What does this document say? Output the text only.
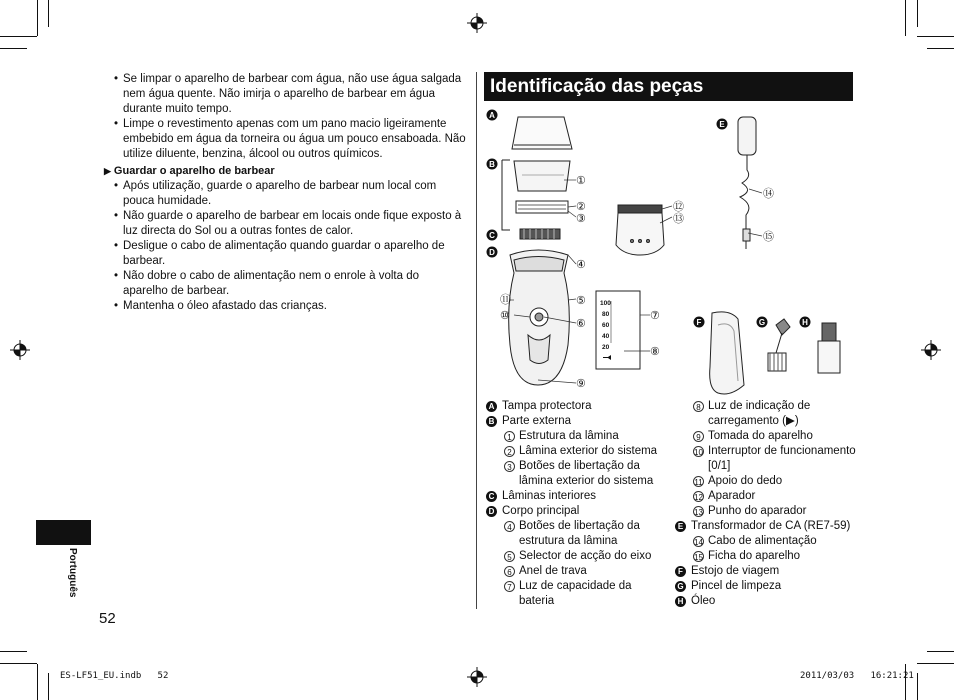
• Se limpar o aparelho de barbear com água, não use água salgada nem água quente. Não imirja o aparelho de barbear em água durante muito tempo.
• Limpe o revestimento apenas com um pano macio ligeiramente embebido em água da torneira ou água um pouco ensaboada. Não utilize diluente, benzina, álcool ou outros químicos.
▶ Guardar o aparelho de barbear
• Após utilização, guarde o aparelho de barbear num local com pouca humidade.
• Não guarde o aparelho de barbear em locais onde fique exposto à luz directa do Sol ou a outras fontes de calor.
• Desligue o cabo de alimentação quando guardar o aparelho de barbear.
• Não dobre o cabo de alimentação nem o enrole à volta do aparelho de barbear.
• Mantenha o óleo afastado das crianças.
Identificação das peças
A
B
C
D
E
F	G	H
①
②
③
④
⑤
⑥
⑦
⑧
⑨
⑩
⑪
⑫
⑬
⑭
⑮
100
80
60
40
20
A Tampa protectora
B Parte externa
1 Estrutura da lâmina
2 Lâmina exterior do sistema
3 Botões de libertação da
lâmina exterior do sistema
C Lâminas interiores
D Corpo principal
4 Botões de libertação da
estrutura da lâmina
5 Selector de acção do eixo
6 Anel de trava
7 Luz de capacidade da
bateria
8 Luz de indicação de
carregamento (▶)
9 Tomada do aparelho
10 Interruptor de funcionamento
[0/1]
11 Apoio do dedo
12 Aparador
13 Punho do aparador
E Transformador de CA (RE7-59)
14 Cabo de alimentação
15 Ficha do aparelho
F Estojo de viagem
G Pincel de limpeza
H Óleo
Português
52
ES-LF51_EU.indb   52	2011/03/03   16:21:21
